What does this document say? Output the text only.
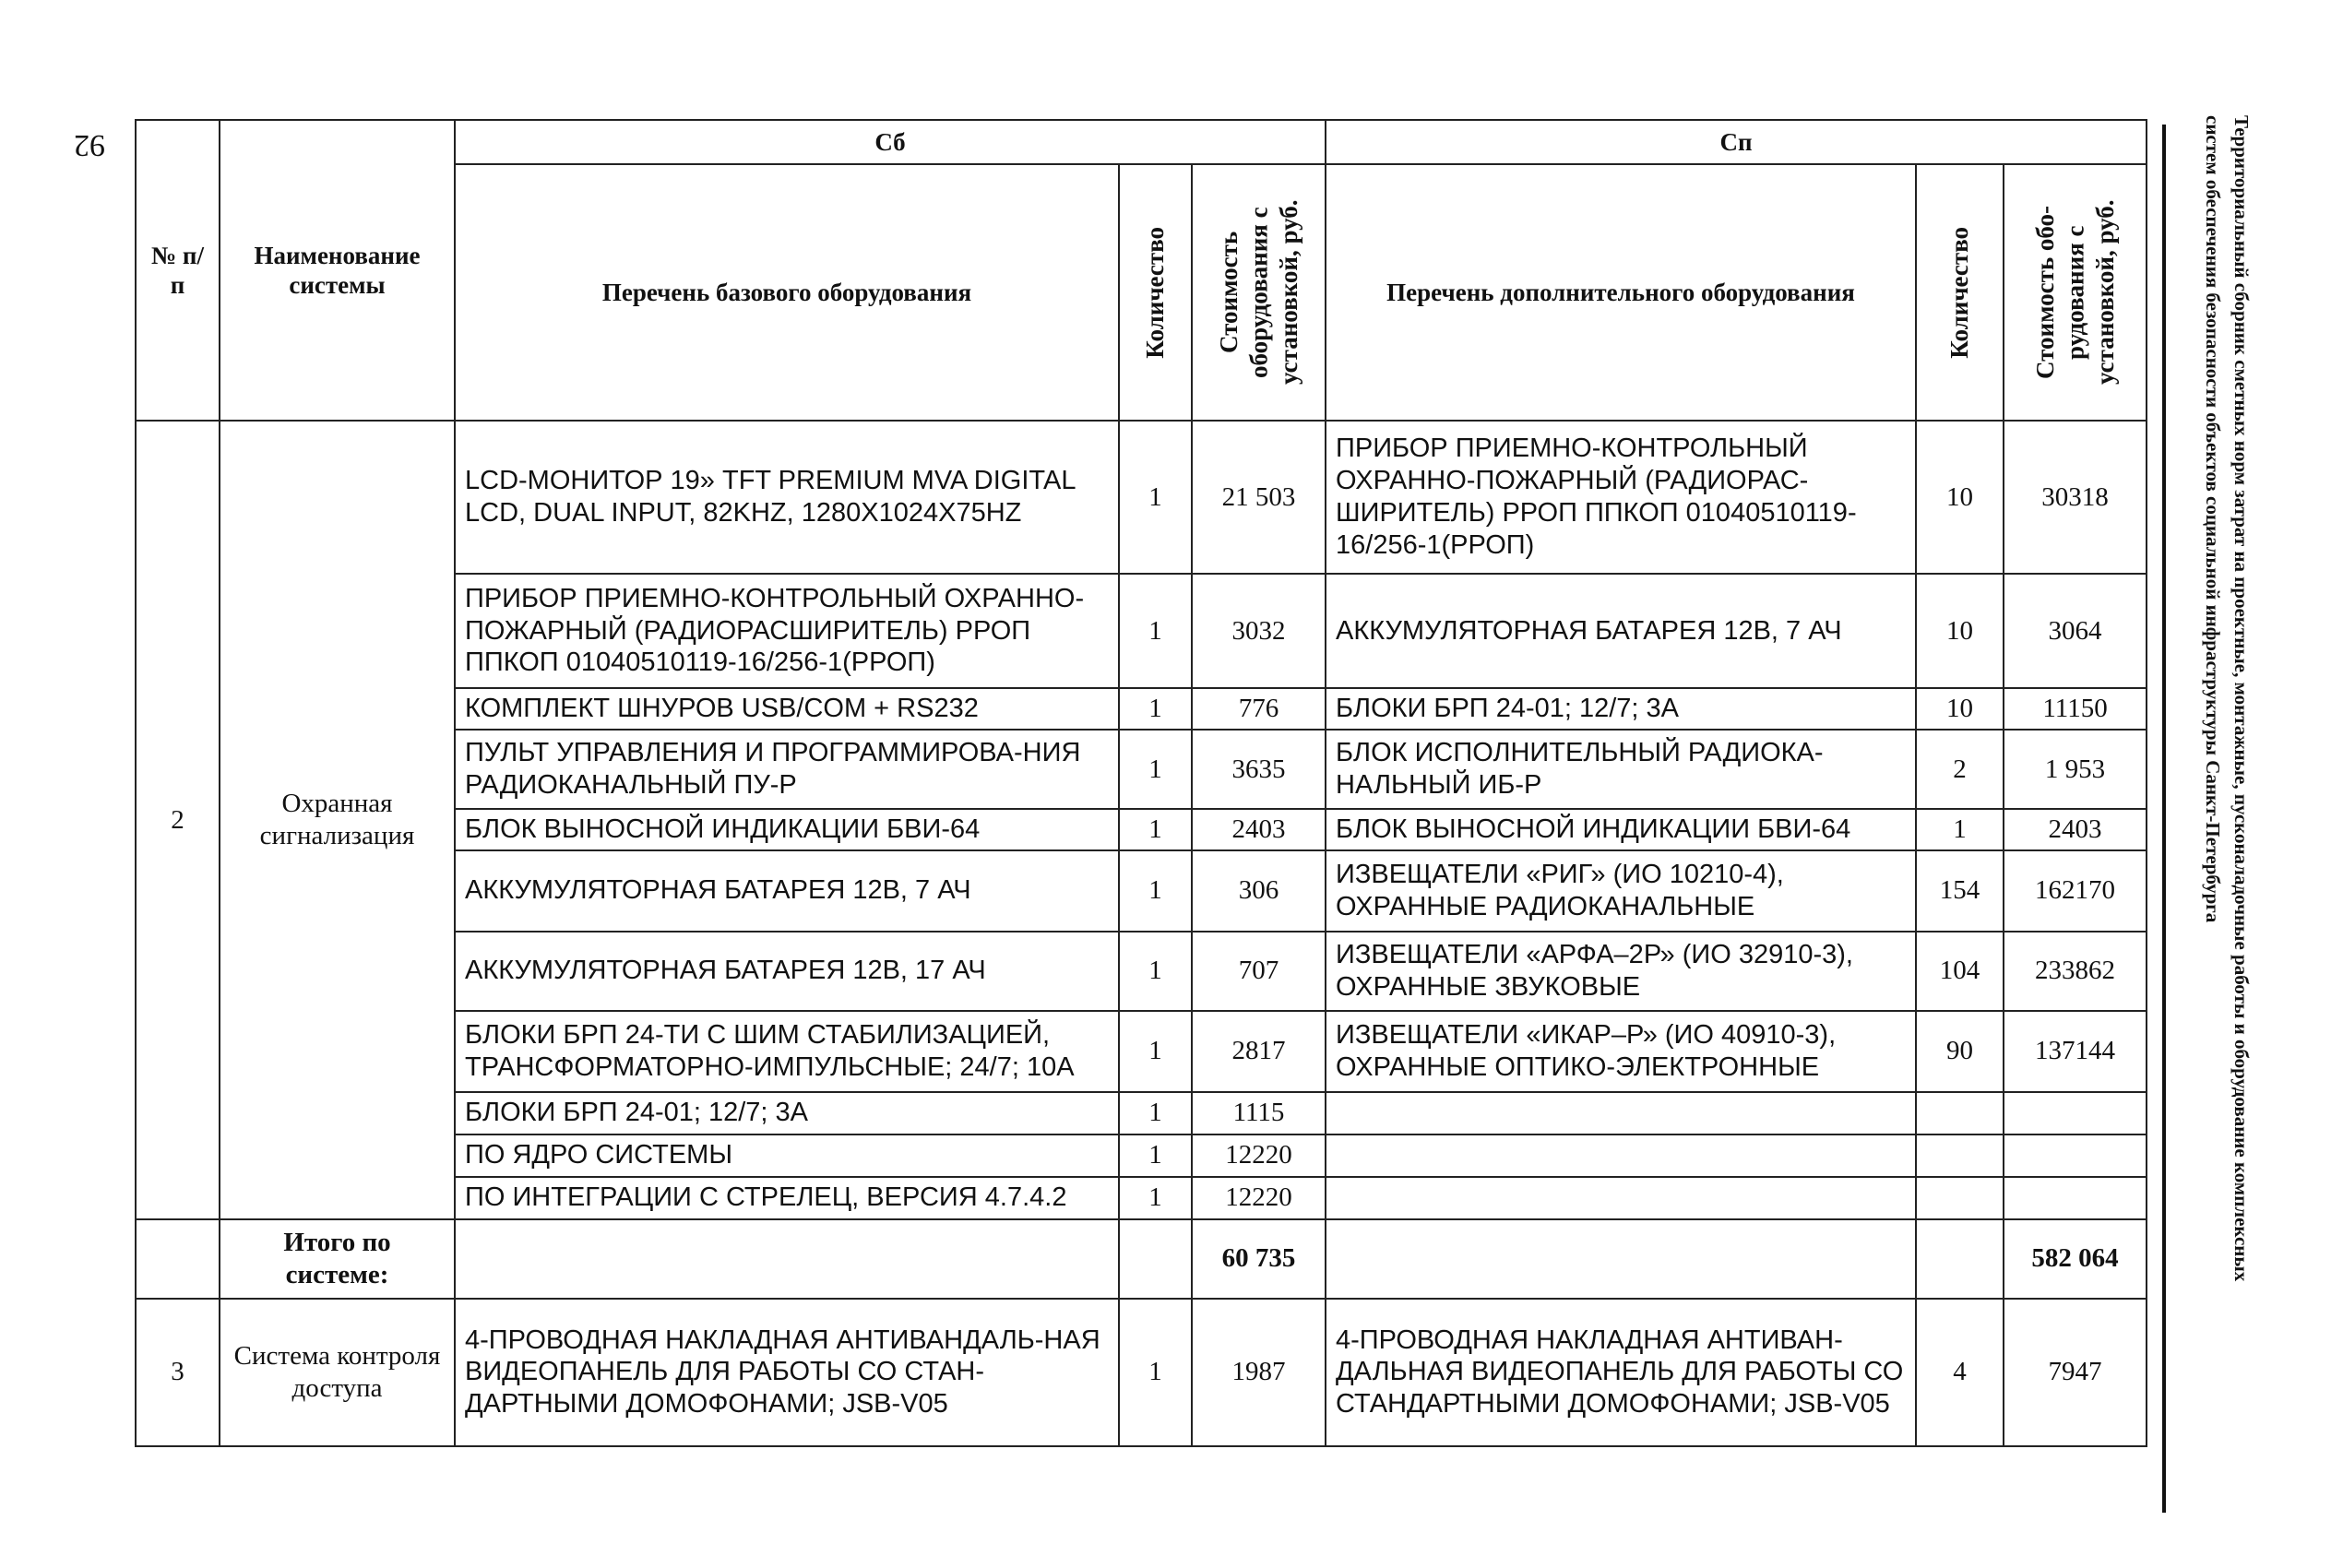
92	Территориальный сборник сметных норм затрат на проектные, монтажные, пусконаладочные работы и оборудование комплексных систем обеспечения безопасности объектов социальной инфраструктуры Санкт-Петербурга
№ п/п	Наименование системы	Сб			Сп		
		Перечень базового оборудования	Количество	Стоимость оборудования с установкой, руб.	Перечень дополнительного оборудования	Количество	Стоимость обо-рудования с установкой, руб.

2	Охранная сигнализация	LCD-МОНИТОР 19» TFT PREMIUM MVA DIGITAL LCD, DUAL INPUT, 82KHZ, 1280X1024X75HZ	1	21 503	ПРИБОР ПРИЕМНО-КОНТРОЛЬНЫЙ ОХРАННО-ПОЖАРНЫЙ (РАДИОРАС-ШИРИТЕЛЬ) РРОП ППКОП 01040510119-16/256-1(РРОП)	10	30318
		ПРИБОР ПРИЕМНО-КОНТРОЛЬНЫЙ ОХРАННО-ПОЖАРНЫЙ (РАДИОРАСШИРИТЕЛЬ) РРОП ППКОП 01040510119-16/256-1(РРОП)	1	3032	АККУМУЛЯТОРНАЯ БАТАРЕЯ 12В, 7 АЧ	10	3064
		КОМПЛЕКТ ШНУРОВ USB/COM + RS232	1	776	БЛОКИ БРП 24-01; 12/7; 3А	10	11150
		ПУЛЬТ УПРАВЛЕНИЯ И ПРОГРАММИРОВА-НИЯ РАДИОКАНАЛЬНЫЙ ПУ-Р	1	3635	БЛОК ИСПОЛНИТЕЛЬНЫЙ РАДИОКА-НАЛЬНЫЙ ИБ-Р	2	1 953
		БЛОК ВЫНОСНОЙ ИНДИКАЦИИ БВИ-64	1	2403	БЛОК ВЫНОСНОЙ ИНДИКАЦИИ БВИ-64	1	2403
		АККУМУЛЯТОРНАЯ БАТАРЕЯ 12В, 7 АЧ	1	306	ИЗВЕЩАТЕЛИ «РИГ» (ИО 10210-4), ОХРАННЫЕ РАДИОКАНАЛЬНЫЕ	154	162170
		АККУМУЛЯТОРНАЯ БАТАРЕЯ 12В, 17 АЧ	1	707	ИЗВЕЩАТЕЛИ «АРФА–2Р» (ИО 32910-3), ОХРАННЫЕ ЗВУКОВЫЕ	104	233862
		БЛОКИ БРП 24-ТИ С ШИМ СТАБИЛИЗАЦИЕЙ, ТРАНСФОРМАТОРНО-ИМПУЛЬСНЫЕ; 24/7; 10А	1	2817	ИЗВЕЩАТЕЛИ «ИКАР–Р» (ИО 40910-3), ОХРАННЫЕ ОПТИКО-ЭЛЕКТРОННЫЕ	90	137144
		БЛОКИ БРП 24-01; 12/7; 3А	1	1115			
		ПО ЯДРО СИСТЕМЫ	1	12220			
		ПО ИНТЕГРАЦИИ С СТРЕЛЕЦ, ВЕРСИЯ 4.7.4.2	1	12220			
	Итого по системе:			60 735			582 064
3	Система контроля доступа	4-ПРОВОДНАЯ НАКЛАДНАЯ АНТИВАНДАЛЬ-НАЯ ВИДЕОПАНЕЛЬ ДЛЯ РАБОТЫ СО СТАН-ДАРТНЫМИ ДОМОФОНАМИ; JSB-V05	1	1987	4-ПРОВОДНАЯ НАКЛАДНАЯ АНТИВАН-ДАЛЬНАЯ ВИДЕОПАНЕЛЬ ДЛЯ РАБОТЫ СО СТАНДАРТНЫМИ ДОМОФОНАМИ; JSB-V05	4	7947
